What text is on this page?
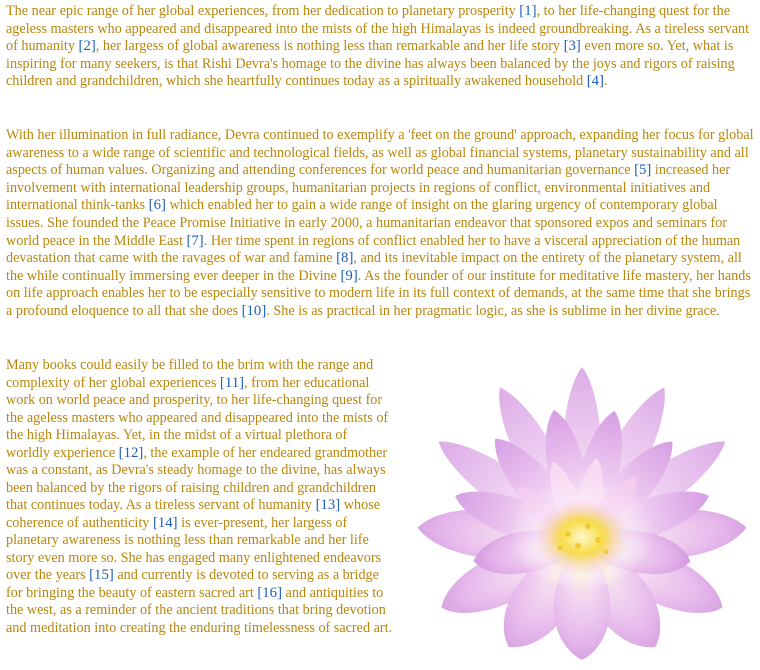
The near epic range of her global experiences, from her dedication to planetary prosperity [1], to her life-changing quest for the ageless masters who appeared and disappeared into the mists of the high Himalayas is indeed groundbreaking. As a tireless servant of humanity [2], her largess of global awareness is nothing less than remarkable and her life story [3] even more so. Yet, what is inspiring for many seekers, is that Rishi Devra's homage to the divine has always been balanced by the joys and rigors of raising children and grandchildren, which she heartfully continues today as a spiritually awakened household [4].

With her illumination in full radiance, Devra continued to exemplify a 'feet on the ground' approach, expanding her focus for global awareness to a wide range of scientific and technological fields, as well as global financial systems, planetary sustainability and all aspects of human values. Organizing and attending conferences for world peace and humanitarian governance [5] increased her involvement with international leadership groups, humanitarian projects in regions of conflict, environmental initiatives and international think-tanks [6] which enabled her to gain a wide range of insight on the glaring urgency of contemporary global issues. She founded the Peace Promise Initiative in early 2000, a humanitarian endeavor that sponsored expos and seminars for world peace in the Middle East [7]. Her time spent in regions of conflict enabled her to have a visceral appreciation of the human devastation that came with the ravages of war and famine [8], and its inevitable impact on the entirety of the planetary system, all the while continually immersing ever deeper in the Divine [9]. As the founder of our institute for meditative life mastery, her hands on life approach enables her to be especially sensitive to modern life in its full context of demands, at the same time that she brings a profound eloquence to all that she does [10]. She is as practical in her pragmatic logic, as she is sublime in her divine grace.

Many books could easily be filled to the brim with the range and complexity of her global experiences [11], from her educational work on world peace and prosperity, to her life-changing quest for the ageless masters who appeared and disappeared into the mists of the high Himalayas. Yet, in the midst of a virtual plethora of worldly experience [12], the example of her endeared grandmother was a constant, as Devra's steady homage to the divine, has always been balanced by the rigors of raising children and grandchildren that continues today. As a tireless servant of humanity [13] whose coherence of authenticity [14] is ever-present, her largess of planetary awareness is nothing less than remarkable and her life story even more so. She has engaged many enlightened endeavors over the years [15] and currently is devoted to serving as a bridge for bringing the beauty of eastern sacred art [16] and antiquities to the west, as a reminder of the ancient traditions that bring devotion and meditation into creating the enduring timelessness of sacred art.
